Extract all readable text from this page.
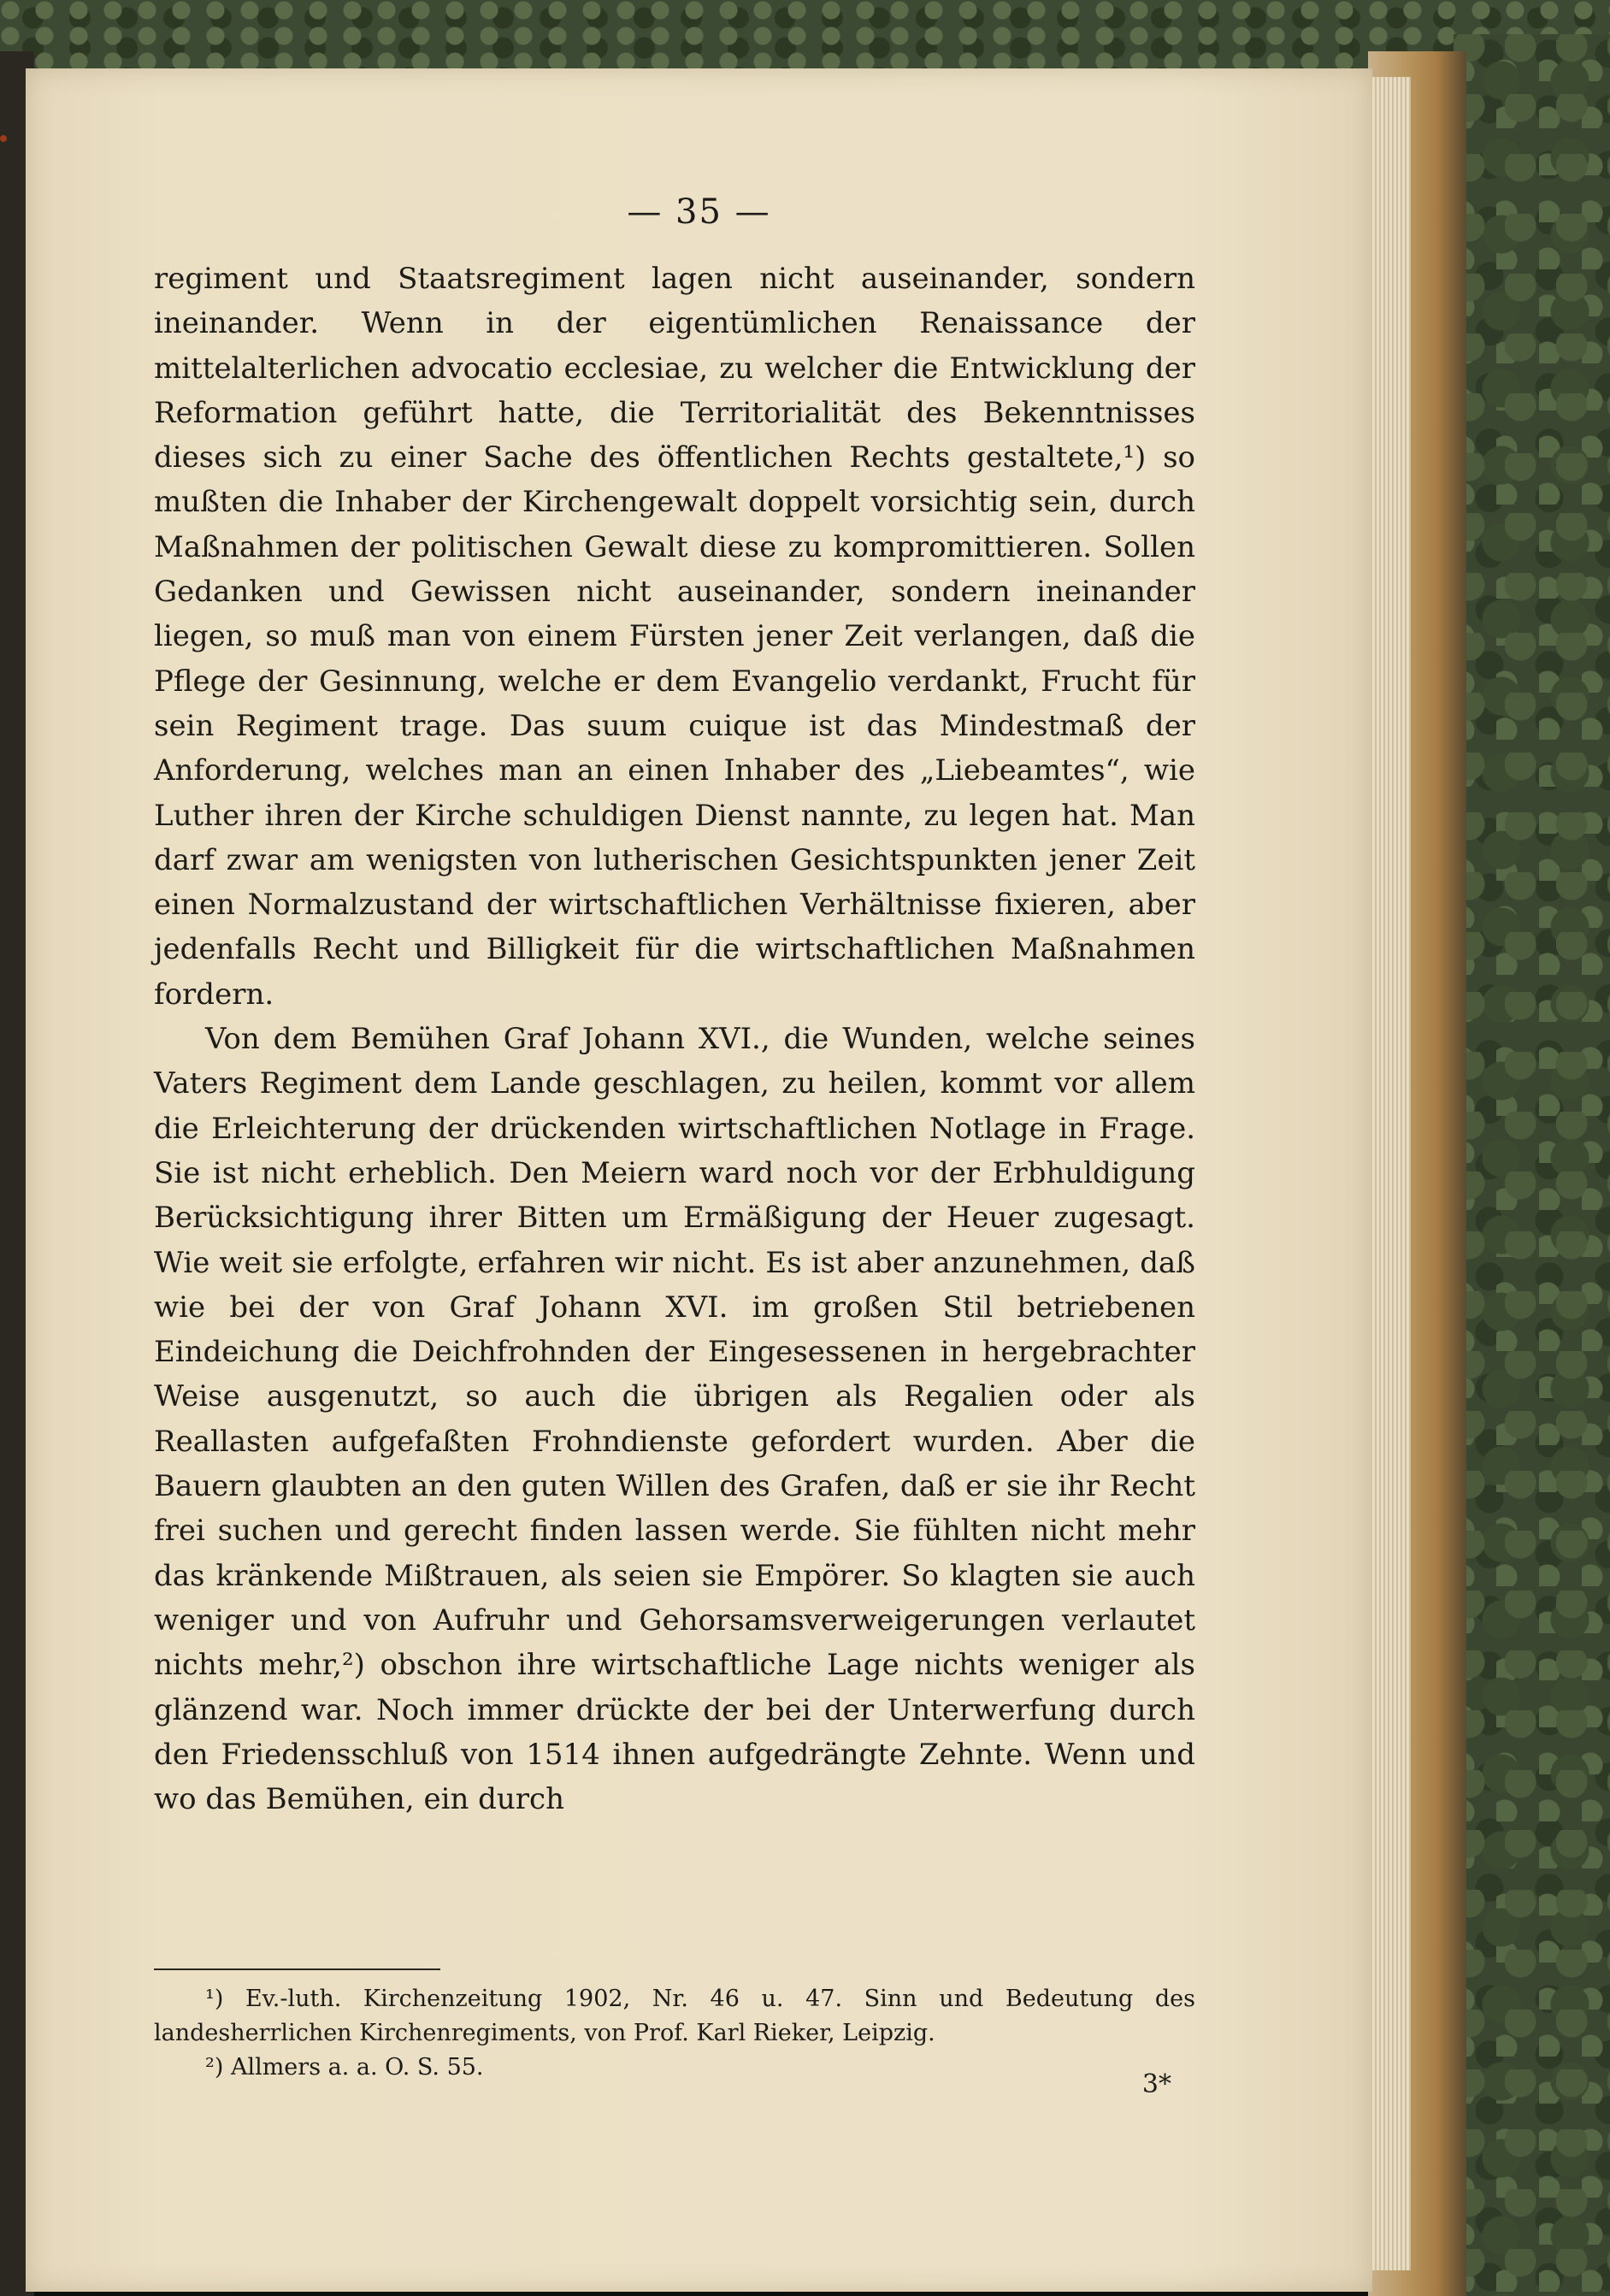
— 35 —

regiment und Staatsregiment lagen nicht auseinander, sondern ineinander. Wenn in der eigentümlichen Renaissance der mittelalterlichen advocatio ecclesiae, zu welcher die Entwicklung der Reformation geführt hatte, die Territorialität des Bekenntnisses dieses sich zu einer Sache des öffentlichen Rechts gestaltete,¹) so mußten die Inhaber der Kirchengewalt doppelt vorsichtig sein, durch Maßnahmen der politischen Gewalt diese zu kompromittieren. Sollen Gedanken und Gewissen nicht auseinander, sondern ineinander liegen, so muß man von einem Fürsten jener Zeit verlangen, daß die Pflege der Gesinnung, welche er dem Evangelio verdankt, Frucht für sein Regiment trage. Das suum cuique ist das Mindestmaß der Anforderung, welches man an einen Inhaber des „Liebeamtes“, wie Luther ihren der Kirche schuldigen Dienst nannte, zu legen hat. Man darf zwar am wenigsten von lutherischen Gesichtspunkten jener Zeit einen Normalzustand der wirtschaftlichen Verhältnisse fixieren, aber jedenfalls Recht und Billigkeit für die wirtschaftlichen Maßnahmen fordern.

Von dem Bemühen Graf Johann XVI., die Wunden, welche seines Vaters Regiment dem Lande geschlagen, zu heilen, kommt vor allem die Erleichterung der drückenden wirtschaftlichen Notlage in Frage. Sie ist nicht erheblich. Den Meiern ward noch vor der Erbhuldigung Berücksichtigung ihrer Bitten um Ermäßigung der Heuer zugesagt. Wie weit sie erfolgte, erfahren wir nicht. Es ist aber anzunehmen, daß wie bei der von Graf Johann XVI. im großen Stil betriebenen Eindeichung die Deichfrohnden der Eingesessenen in hergebrachter Weise ausgenutzt, so auch die übrigen als Regalien oder als Reallasten aufgefaßten Frohndienste gefordert wurden. Aber die Bauern glaubten an den guten Willen des Grafen, daß er sie ihr Recht frei suchen und gerecht finden lassen werde. Sie fühlten nicht mehr das kränkende Mißtrauen, als seien sie Empörer. So klagten sie auch weniger und von Aufruhr und Gehorsamsverweigerungen verlautet nichts mehr,²) obschon ihre wirtschaftliche Lage nichts weniger als glänzend war. Noch immer drückte der bei der Unterwerfung durch den Friedensschluß von 1514 ihnen aufgedrängte Zehnte. Wenn und wo das Bemühen, ein durch

¹) Ev.-luth. Kirchenzeitung 1902, Nr. 46 u. 47. Sinn und Bedeutung des landesherrlichen Kirchenregiments, von Prof. Karl Rieker, Leipzig.

²) Allmers a. a. O. S. 55.

3*
